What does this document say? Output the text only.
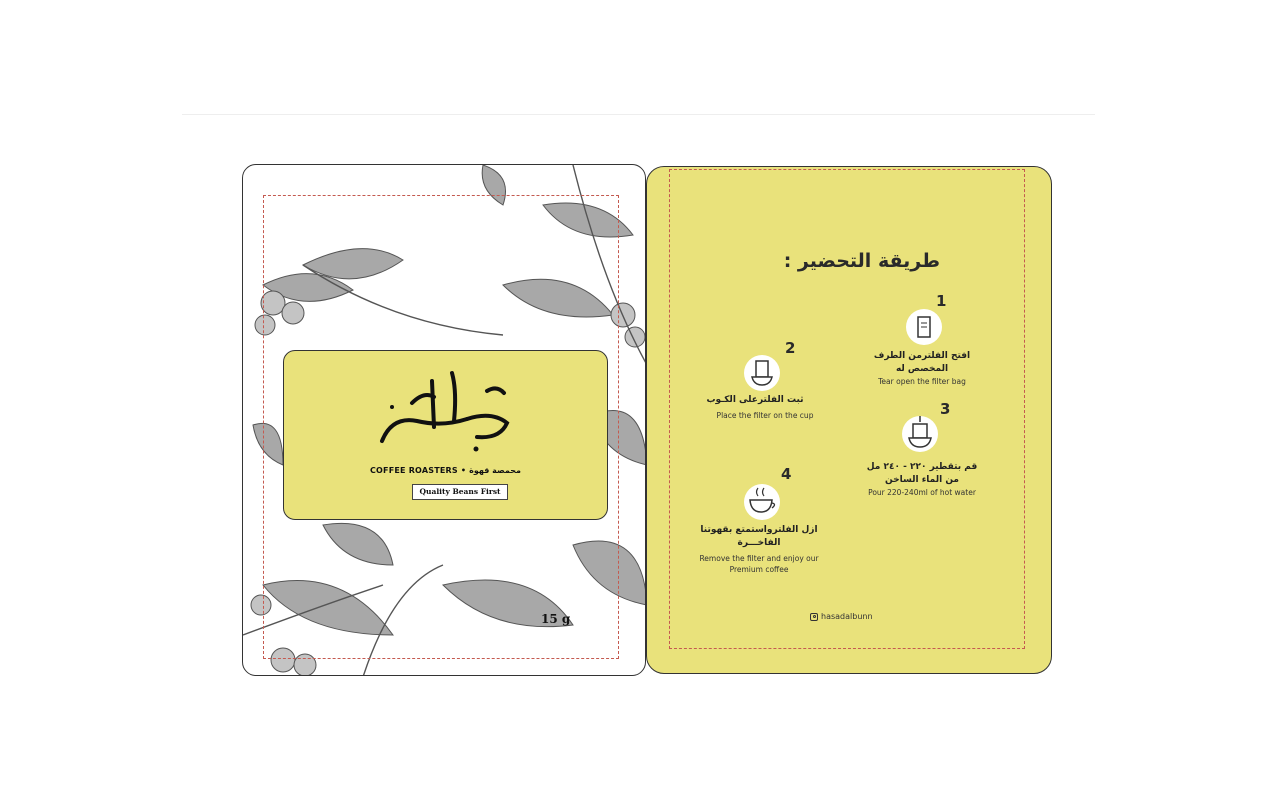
COFFEE ROASTERS • محمصة قهوة
Quality Beans First
15 g
طريقة التحضير :
1
افتح الفلترمن الطرف المخصص له
Tear open the filter bag
2
ثبت الفلترعلى الكـوب
Place the filter on the cup	3
قم بتقطير ٢٢٠ - ٢٤٠ مل من الماء الساخن
Pour 220-240ml of hot water
4
ازل الفلترواستمتع بقهوتنا الفاخـــرة
Remove the filter and enjoy our Premium coffee
hasadalbunn
